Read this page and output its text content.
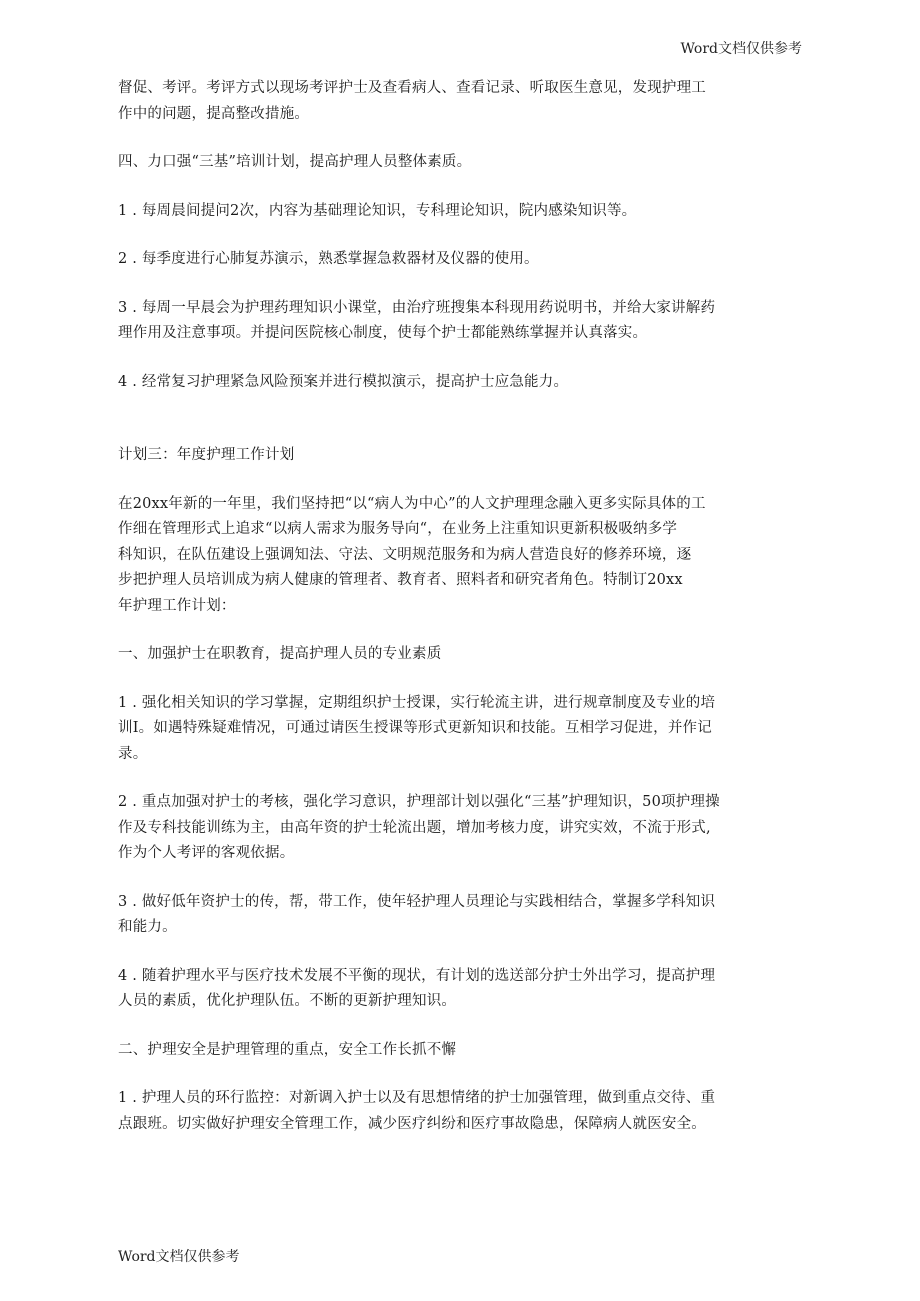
Word文档仅供参考

督促、考评。考评方式以现场考评护士及查看病人、查看记录、听取医生意见，发现护理工
作中的问题，提高整改措施。

四、力口强“三基”培训计划，提高护理人员整体素质。

1 . 每周晨间提问2次，内容为基础理论知识，专科理论知识，院内感染知识等。

2 . 每季度进行心肺复苏演示，熟悉掌握急救器材及仪器的使用。

3 . 每周一早晨会为护理药理知识小课堂，由治疗班搜集本科现用药说明书，并给大家讲解药
理作用及注意事项。并提问医院核心制度，使每个护士都能熟练掌握并认真落实。

4 . 经常复习护理紧急风险预案并进行模拟演示，提高护士应急能力。

计划三：年度护理工作计划

在20xx年新的一年里，我们坚持把“以“病人为中心”的人文护理理念融入更多实际具体的工
作细在管理形式上追求“以病人需求为服务导向“，在业务上注重知识更新积极吸纳多学
科知识，在队伍建设上强调知法、守法、文明规范服务和为病人营造良好的修养环境，逐
步把护理人员培训成为病人健康的管理者、教育者、照料者和研究者角色。特制订20xx
年护理工作计划：

一、加强护士在职教育，提高护理人员的专业素质

1 . 强化相关知识的学习掌握，定期组织护士授课，实行轮流主讲，进行规章制度及专业的培
训I。如遇特殊疑难情况，可通过请医生授课等形式更新知识和技能。互相学习促进，并作记
录。

2 . 重点加强对护士的考核，强化学习意识，护理部计划以强化“三基”护理知识，50项护理操
作及专科技能训练为主，由高年资的护士轮流出题，增加考核力度，讲究实效，不流于形式,
作为个人考评的客观依据。

3 . 做好低年资护士的传，帮，带工作，使年轻护理人员理论与实践相结合，掌握多学科知识
和能力。

4 . 随着护理水平与医疗技术发展不平衡的现状，有计划的选送部分护士外出学习，提高护理
人员的素质，优化护理队伍。不断的更新护理知识。

二、护理安全是护理管理的重点，安全工作长抓不懈

1 . 护理人员的环行监控：对新调入护士以及有思想情绪的护士加强管理，做到重点交待、重
点跟班。切实做好护理安全管理工作，减少医疗纠纷和医疗事故隐患，保障病人就医安全。

Word文档仅供参考
